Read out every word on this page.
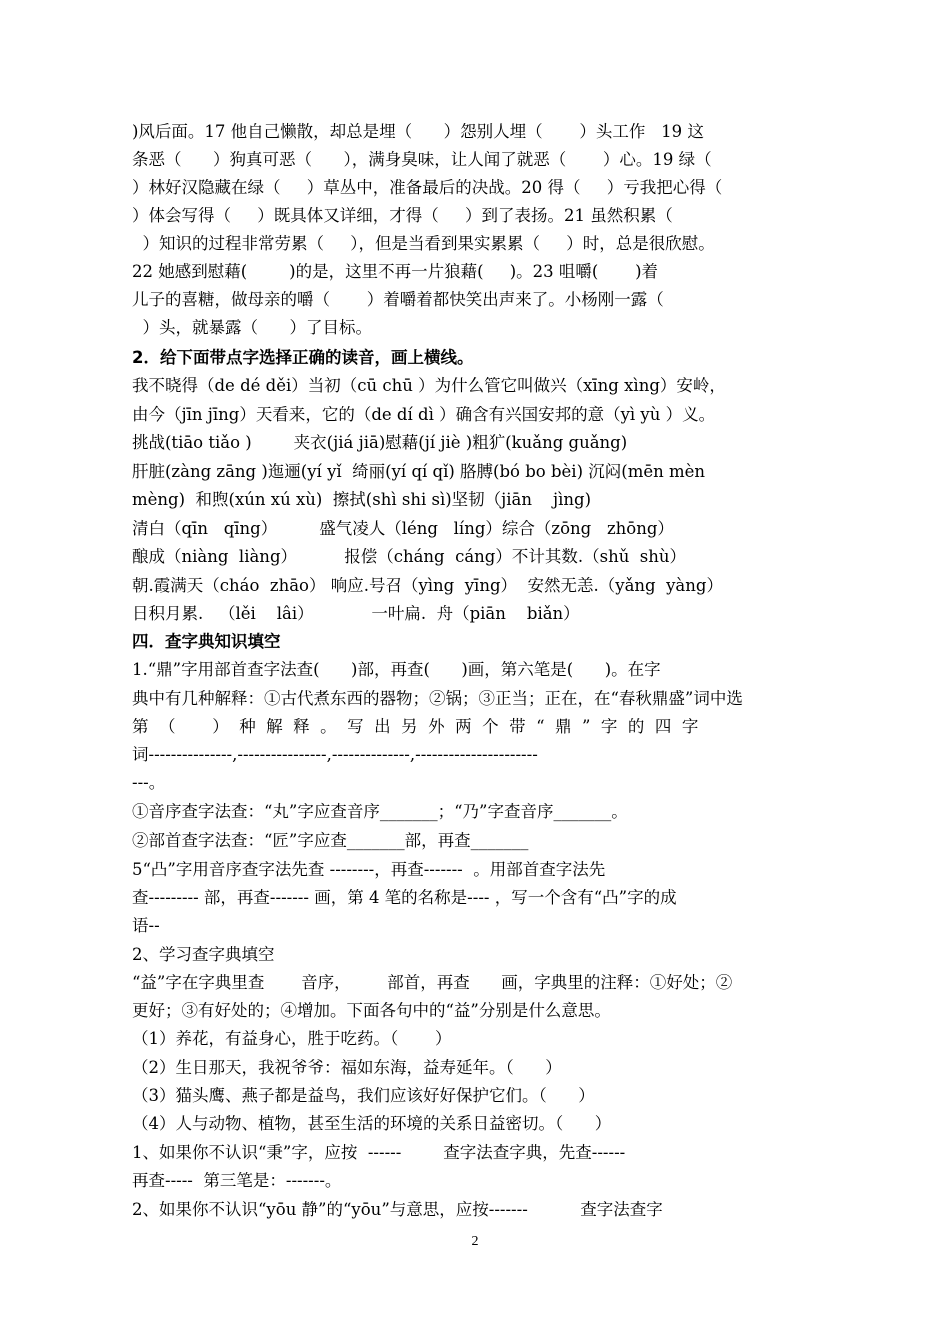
)风后面。17 他自己懒散，却总是埋（      ）怨别人埋（       ）头工作   19 这
条恶（      ）狗真可恶（      ），满身臭味，让人闻了就恶（       ）心。19 绿（
）林好汉隐藏在绿（     ）草丛中，准备最后的决战。20 得（     ）亏我把心得（
）体会写得（     ）既具体又详细，才得（     ）到了表扬。21 虽然积累（
）知识的过程非常劳累（     ），但是当看到果实累累（     ）时，总是很欣慰。
22 她感到慰藉(        )的是，这里不再一片狼藉(     )。23 咀嚼(       )着
儿子的喜糖，做母亲的嚼（       ）着嚼着都快笑出声来了。小杨刚一露（
）头，就暴露（      ）了目标。
2．给下面带点字选择正确的读音，画上横线。
我不晓得（de dé děi）当初（cū chū ）为什么管它叫做兴（xīng xìng）安岭，
由今（jīn jīng）天看来，它的（de dí dì ）确含有兴国安邦的意（yì yù ）义。
挑战(tiāo tiǎo )        夹衣(jiá jiā)慰藉(jí jiè )粗犷(kuǎng guǎng)
肝脏(zàng zāng )迤逦(yí yǐ  绮丽(yí qí qǐ) 胳膊(bó bo bèi) 沉闷(mēn mèn
mèng)  和煦(xún xú xù)  擦拭(shì shi sì)坚韧（jiān    jìng)
清白（qīn   qīng）        盛气凌人（léng   líng）综合（zōng   zhōng）
酿成（niàng  liàng）         报偿（cháng  cáng）不计其数.（shǔ  shù）
朝.霞满天（cháo  zhāo） 响应.号召（yìng  yīng）  安然无恙.（yǎng  yàng）
日积月累.   （lěi    lâi）           一叶扁.  舟（piān    biǎn）
四．查字典知识填空
1.“鼎”字用部首查字法查(      )部，再查(      )画，第六笔是(      )。在字
典中有几种解释：①古代煮东西的器物；②锅；③正当；正在，在“春秋鼎盛”词中选
第  （       ）  种  解  释  。  写  出  另  外  两  个  带  “  鼎  ”  字  的  四  字
词---------------,----------------,--------------,----------------------
---。
①音序查字法查：“丸”字应查音序_______；“乃”字查音序_______。
②部首查字法查：“匠”字应查_______部，再查_______
5“凸”字用音序查字法先查 --------，再查-------  。用部首查字法先
查--------- 部，再查------- 画，第 4 笔的名称是---- ，写一个含有“凸”字的成
语--
2、学习查字典填空
“益”字在字典里查       音序，       部首，再查      画，字典里的注释：①好处；②
更好；③有好处的；④增加。下面各句中的“益”分别是什么意思。
（1）养花，有益身心，胜于吃药。（       ）
（2）生日那天，我祝爷爷：福如东海，益寿延年。（      ）
（3）猫头鹰、燕子都是益鸟，我们应该好好保护它们。（      ）
（4）人与动物、植物，甚至生活的环境的关系日益密切。（      ）
1、如果你不认识“秉”字，应按  ------        查字法查字典，先查------
再查-----  第三笔是：-------。
2、如果你不认识“yōu 静”的“yōu”与意思，应按-------          查字法查字
2
